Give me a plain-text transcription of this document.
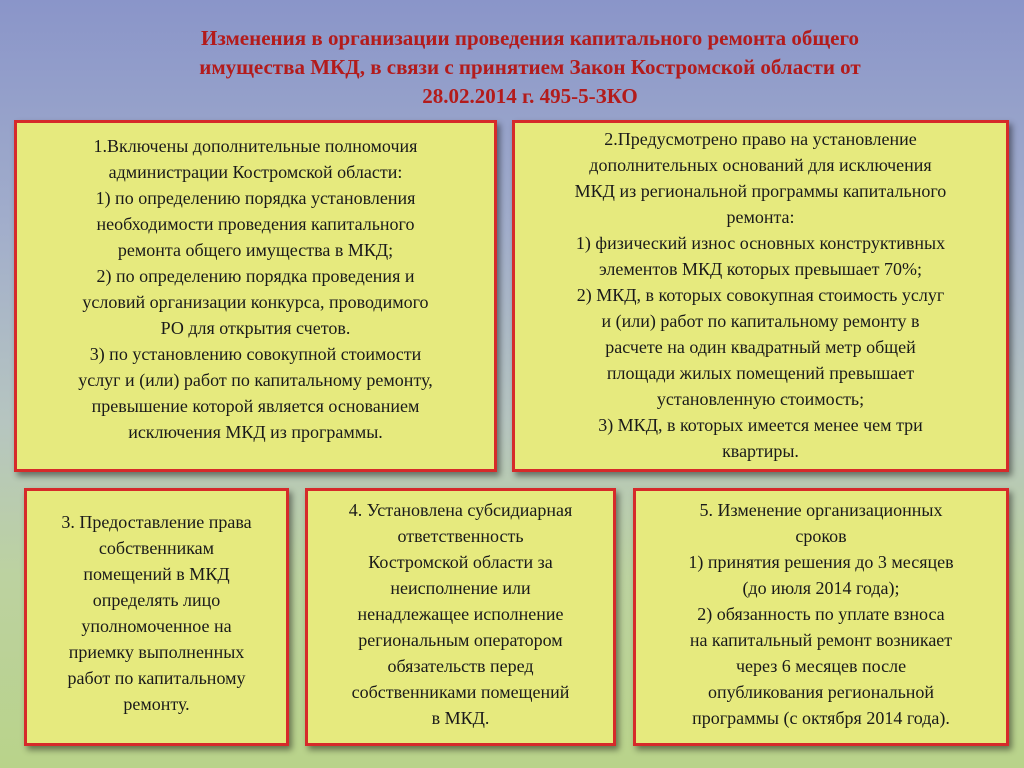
Изменения в организации проведения капитального ремонта общего
имущества МКД, в связи с принятием Закон Костромской области от
28.02.2014 г. 495-5-ЗКО
1.Включены дополнительные полномочия
администрации Костромской области:
1) по определению порядка установления
необходимости проведения капитального
ремонта общего имущества в МКД;
2) по определению порядка проведения и
условий организации конкурса, проводимого
РО для открытия счетов.
3) по установлению совокупной стоимости
услуг и (или) работ по капитальному ремонту,
превышение которой является основанием
исключения МКД из программы.
2.Предусмотрено право на установление
дополнительных оснований для исключения
МКД из региональной программы капитального
ремонта:
1) физический износ основных конструктивных
элементов МКД которых превышает 70%;
2) МКД, в которых совокупная стоимость услуг
и (или) работ по капитальному ремонту в
расчете на один квадратный метр общей
площади жилых помещений превышает
установленную стоимость;
3) МКД, в которых имеется менее чем три
квартиры.
3. Предоставление права
собственникам
помещений в МКД
определять лицо
уполномоченное на
приемку выполненных
работ по капитальному
ремонту.
4. Установлена субсидиарная
ответственность
Костромской области за
неисполнение или
ненадлежащее исполнение
региональным оператором
обязательств перед
собственниками помещений
в МКД.
5. Изменение организационных
сроков
1) принятия решения до 3 месяцев
(до июля 2014 года);
2) обязанность по уплате взноса
на капитальный ремонт возникает
через 6 месяцев после
опубликования региональной
программы (с октября 2014 года).
